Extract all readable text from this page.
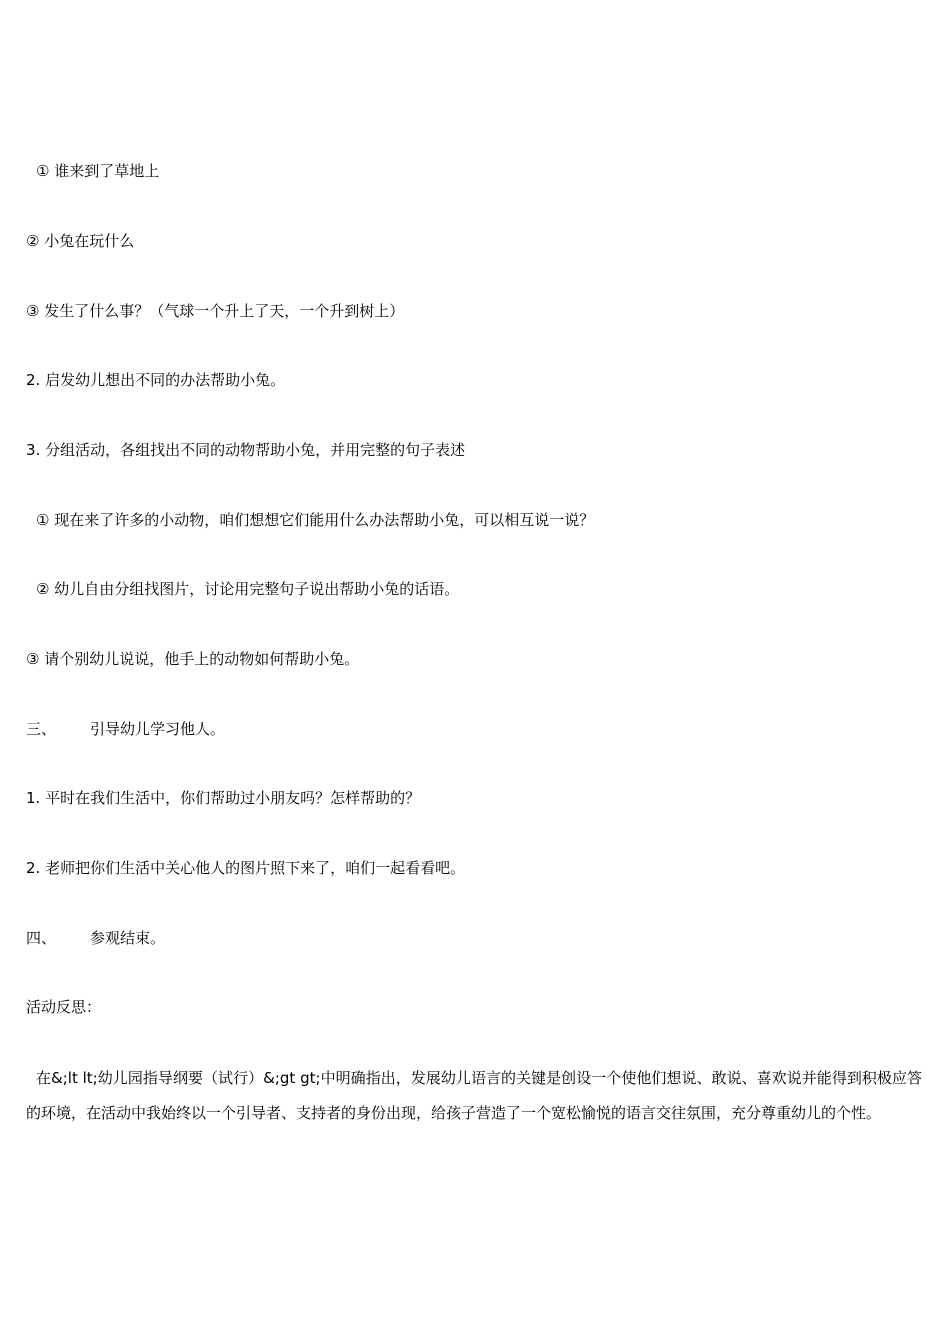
① 谁来到了草地上
② 小兔在玩什么
③ 发生了什么事？（气球一个升上了天，一个升到树上）
2. 启发幼儿想出不同的办法帮助小兔。
3. 分组活动，各组找出不同的动物帮助小兔，并用完整的句子表述
① 现在来了许多的小动物，咱们想想它们能用什么办法帮助小兔，可以相互说一说？
② 幼儿自由分组找图片，讨论用完整句子说出帮助小兔的话语。
③ 请个别幼儿说说，他手上的动物如何帮助小兔。
三、 引导幼儿学习他人。
1. 平时在我们生活中，你们帮助过小朋友吗？怎样帮助的？
2. 老师把你们生活中关心他人的图片照下来了，咱们一起看看吧。
四、 参观结束。
活动反思：
在&;lt lt;幼儿园指导纲要（试行）&;gt gt;中明确指出，发展幼儿语言的关键是创设一个使他们想说、敢说、喜欢说并能得到积极应答的环境，在活动中我始终以一个引导者、支持者的身份出现，给孩子营造了一个宽松愉悦的语言交往氛围，充分尊重幼儿的个性。
